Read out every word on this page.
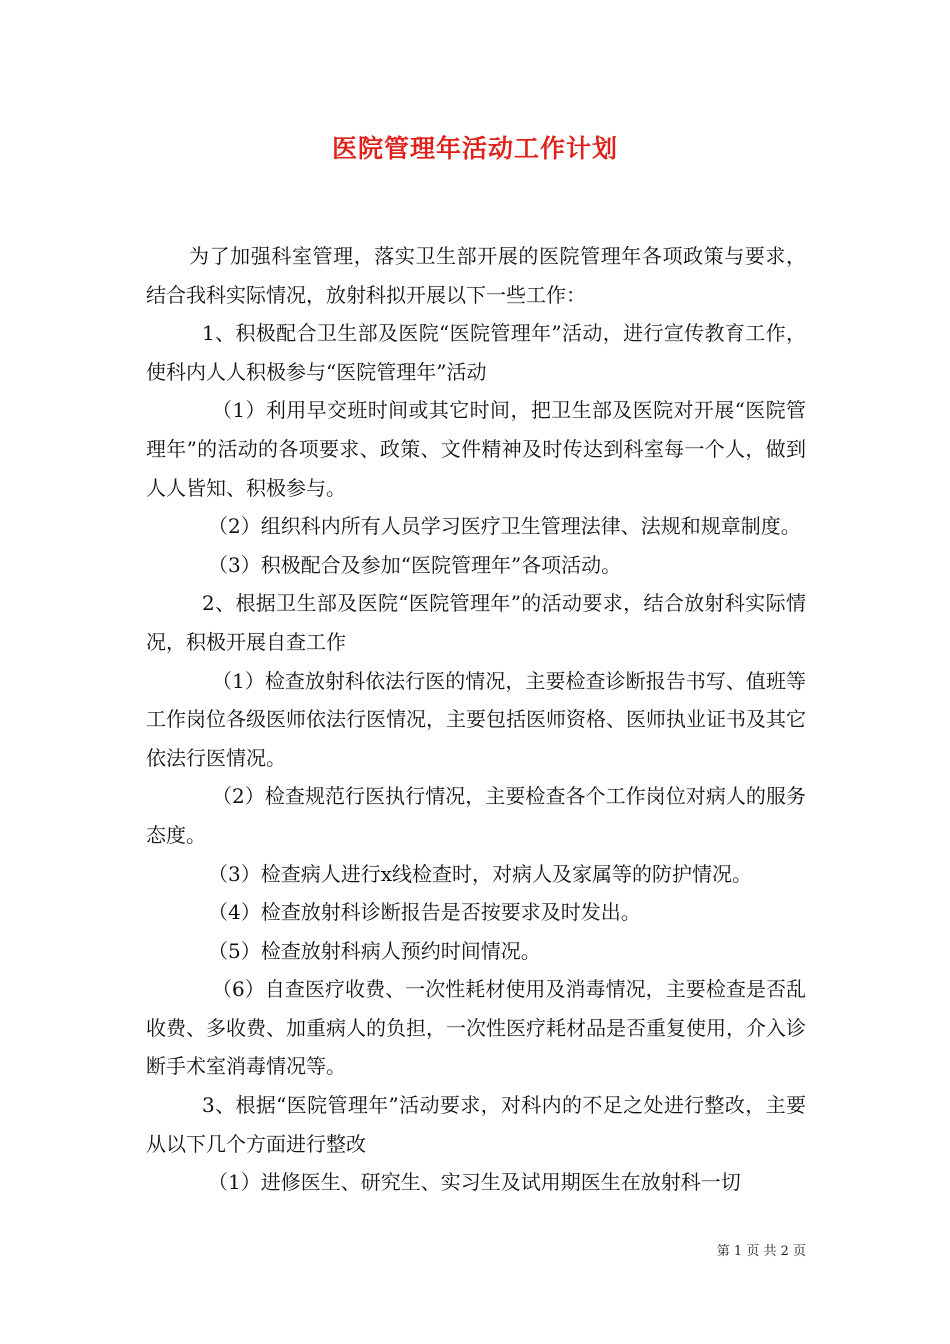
医院管理年活动工作计划

为了加强科室管理，落实卫生部开展的医院管理年各项政策与要求，结合我科实际情况，放射科拟开展以下一些工作：

1、积极配合卫生部及医院“医院管理年”活动，进行宣传教育工作，使科内人人积极参与“医院管理年”活动

（1）利用早交班时间或其它时间，把卫生部及医院对开展“医院管理年”的活动的各项要求、政策、文件精神及时传达到科室每一个人，做到人人皆知、积极参与。

（2）组织科内所有人员学习医疗卫生管理法律、法规和规章制度。

（3）积极配合及参加“医院管理年”各项活动。

2、根据卫生部及医院“医院管理年”的活动要求，结合放射科实际情况，积极开展自查工作

（1）检查放射科依法行医的情况，主要检查诊断报告书写、值班等工作岗位各级医师依法行医情况，主要包括医师资格、医师执业证书及其它依法行医情况。

（2）检查规范行医执行情况，主要检查各个工作岗位对病人的服务态度。

（3）检查病人进行x线检查时，对病人及家属等的防护情况。

（4）检查放射科诊断报告是否按要求及时发出。

（5）检查放射科病人预约时间情况。

（6）自查医疗收费、一次性耗材使用及消毒情况，主要检查是否乱收费、多收费、加重病人的负担，一次性医疗耗材品是否重复使用，介入诊断手术室消毒情况等。

3、根据“医院管理年”活动要求，对科内的不足之处进行整改，主要从以下几个方面进行整改

（1）进修医生、研究生、实习生及试用期医生在放射科一切

第 1 页 共 2 页
